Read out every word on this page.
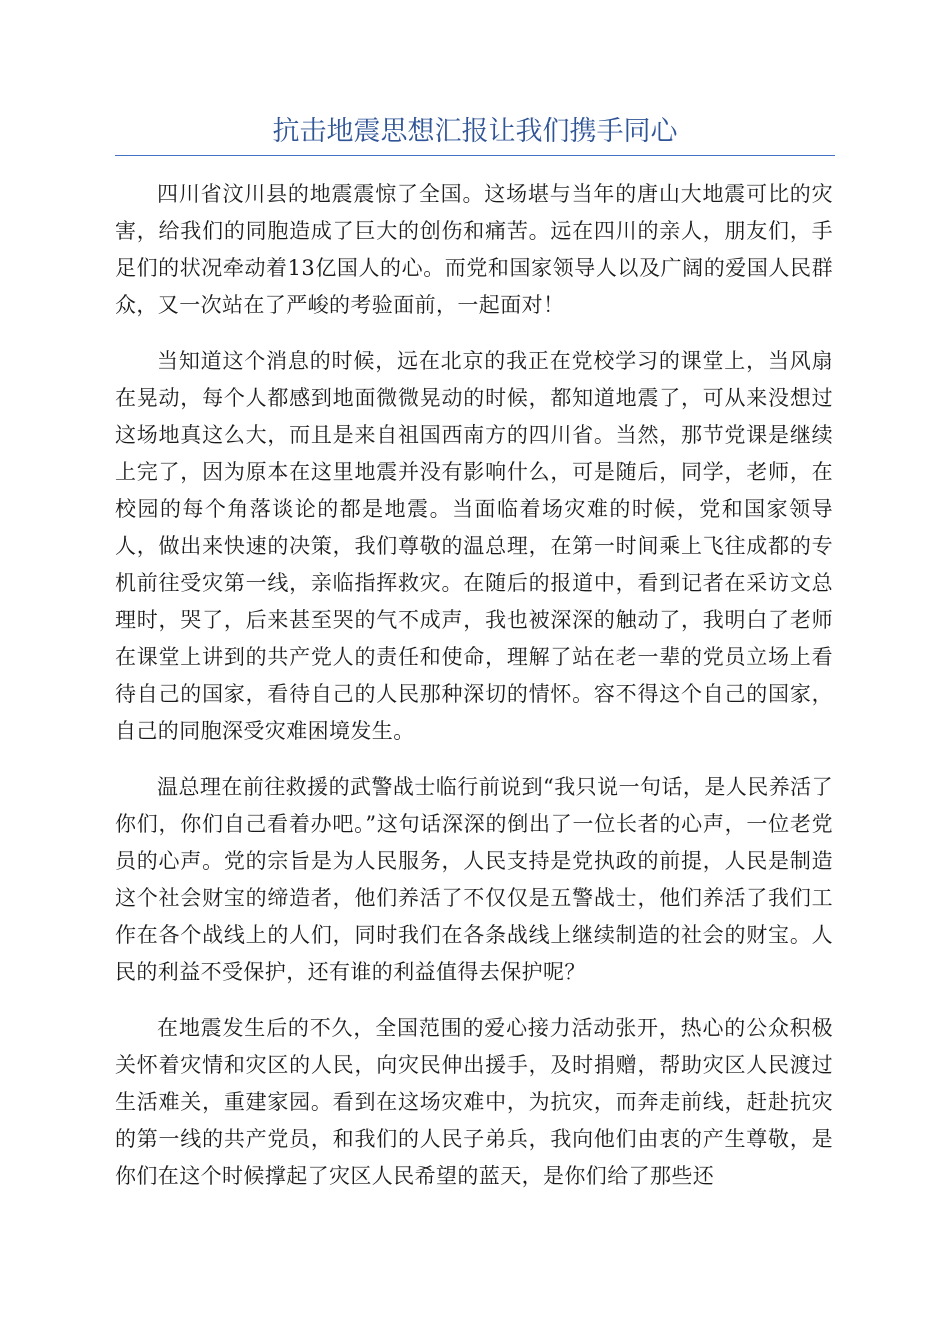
抗击地震思想汇报让我们携手同心

四川省汶川县的地震震惊了全国。这场堪与当年的唐山大地震可比的灾害，给我们的同胞造成了巨大的创伤和痛苦。远在四川的亲人，朋友们，手足们的状况牵动着13亿国人的心。而党和国家领导人以及广阔的爱国人民群众，又一次站在了严峻的考验面前，一起面对！

当知道这个消息的时候，远在北京的我正在党校学习的课堂上，当风扇在晃动，每个人都感到地面微微晃动的时候，都知道地震了，可从来没想过这场地真这么大，而且是来自祖国西南方的四川省。当然，那节党课是继续上完了，因为原本在这里地震并没有影响什么，可是随后，同学，老师，在校园的每个角落谈论的都是地震。当面临着场灾难的时候，党和国家领导人，做出来快速的决策，我们尊敬的温总理，在第一时间乘上飞往成都的专机前往受灾第一线，亲临指挥救灾。在随后的报道中，看到记者在采访文总理时，哭了，后来甚至哭的气不成声，我也被深深的触动了，我明白了老师在课堂上讲到的共产党人的责任和使命，理解了站在老一辈的党员立场上看待自己的国家，看待自己的人民那种深切的情怀。容不得这个自己的国家，自己的同胞深受灾难困境发生。

温总理在前往救援的武警战士临行前说到“我只说一句话，是人民养活了你们，你们自己看着办吧。”这句话深深的倒出了一位长者的心声，一位老党员的心声。党的宗旨是为人民服务，人民支持是党执政的前提，人民是制造这个社会财宝的缔造者，他们养活了不仅仅是五警战士，他们养活了我们工作在各个战线上的人们，同时我们在各条战线上继续制造的社会的财宝。人民的利益不受保护，还有谁的利益值得去保护呢？

在地震发生后的不久，全国范围的爱心接力活动张开，热心的公众积极关怀着灾情和灾区的人民，向灾民伸出援手，及时捐赠，帮助灾区人民渡过生活难关，重建家园。看到在这场灾难中，为抗灾，而奔走前线，赶赴抗灾的第一线的共产党员，和我们的人民子弟兵，我向他们由衷的产生尊敬，是你们在这个时候撑起了灾区人民希望的蓝天，是你们给了那些还
